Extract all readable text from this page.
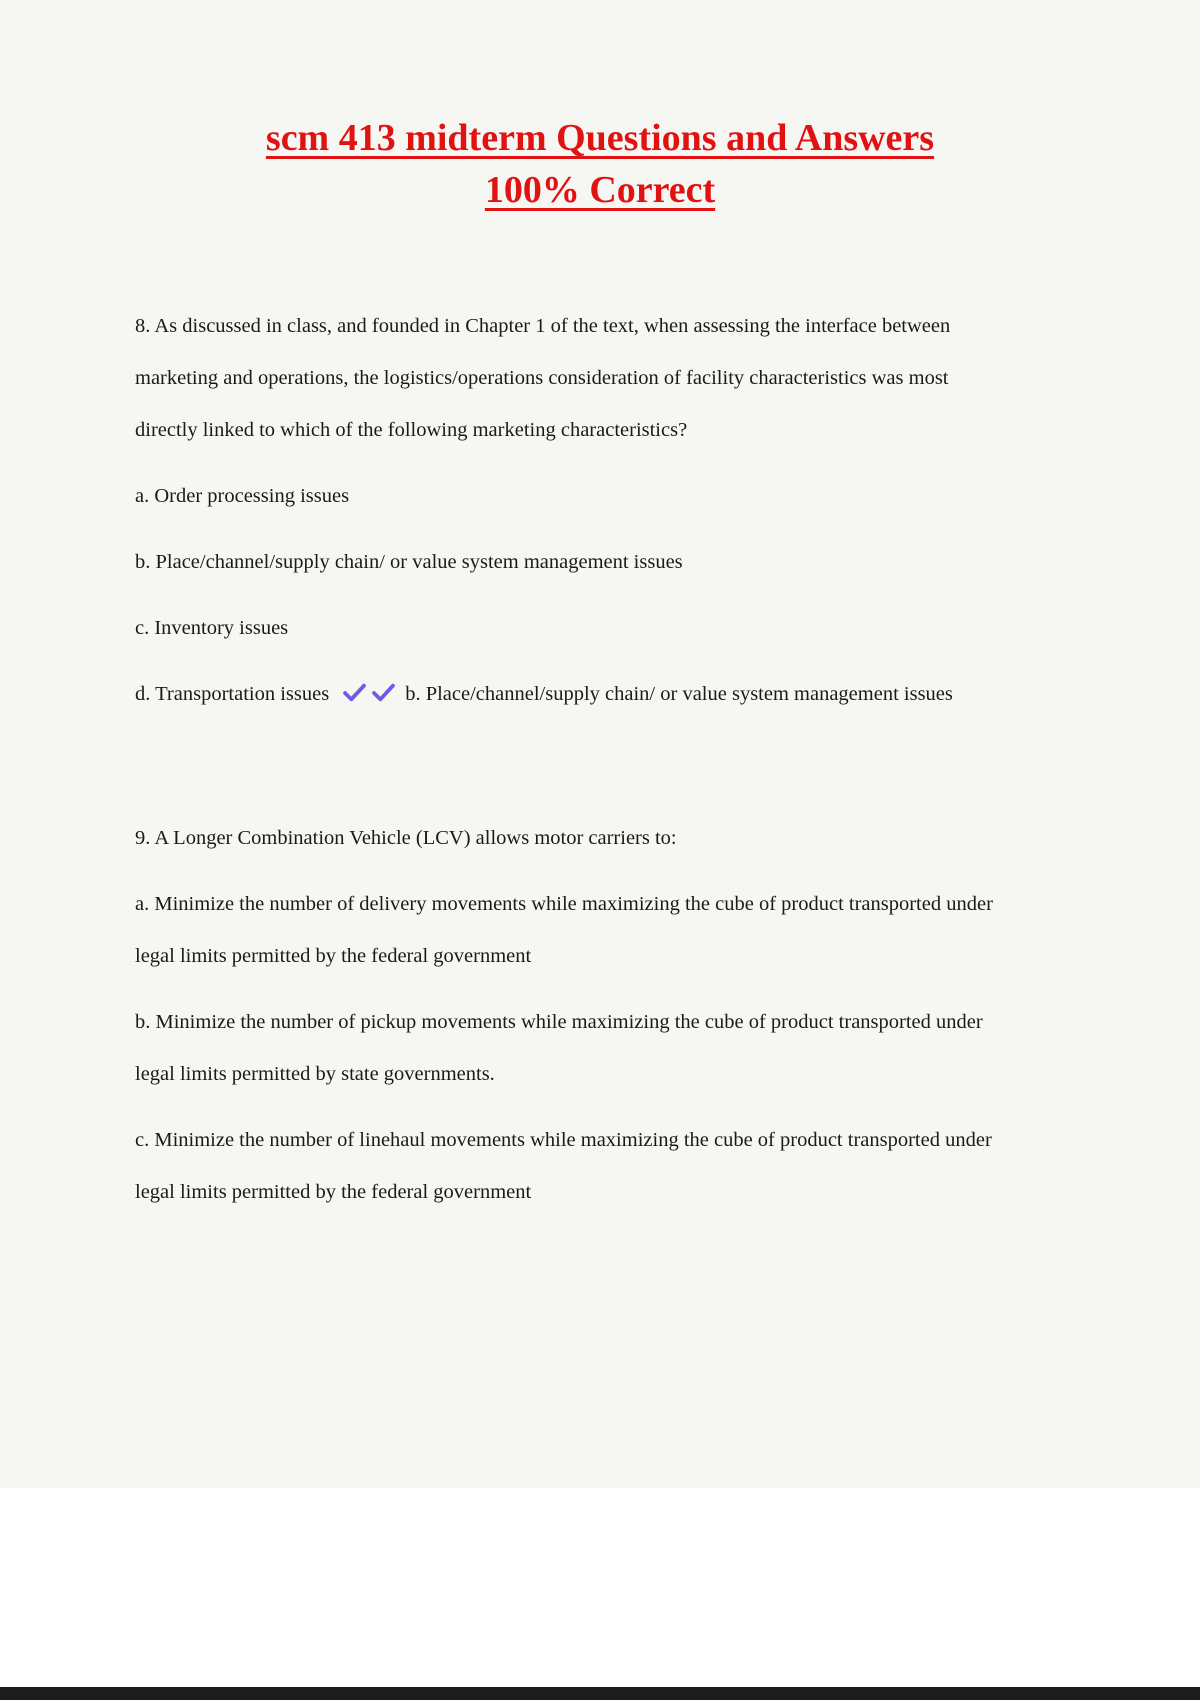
scm 413 midterm Questions and Answers
100% Correct

8. As discussed in class, and founded in Chapter 1 of the text, when assessing the interface between marketing and operations, the logistics/operations consideration of facility characteristics was most directly linked to which of the following marketing characteristics?

a. Order processing issues

b. Place/channel/supply chain/ or value system management issues

c. Inventory issues

d. Transportation issues	b. Place/channel/supply chain/ or value system management issues

9. A Longer Combination Vehicle (LCV) allows motor carriers to:

a. Minimize the number of delivery movements while maximizing the cube of product transported under legal limits permitted by the federal government

b. Minimize the number of pickup movements while maximizing the cube of product transported under legal limits permitted by state governments.

c. Minimize the number of linehaul movements while maximizing the cube of product transported under legal limits permitted by the federal government
